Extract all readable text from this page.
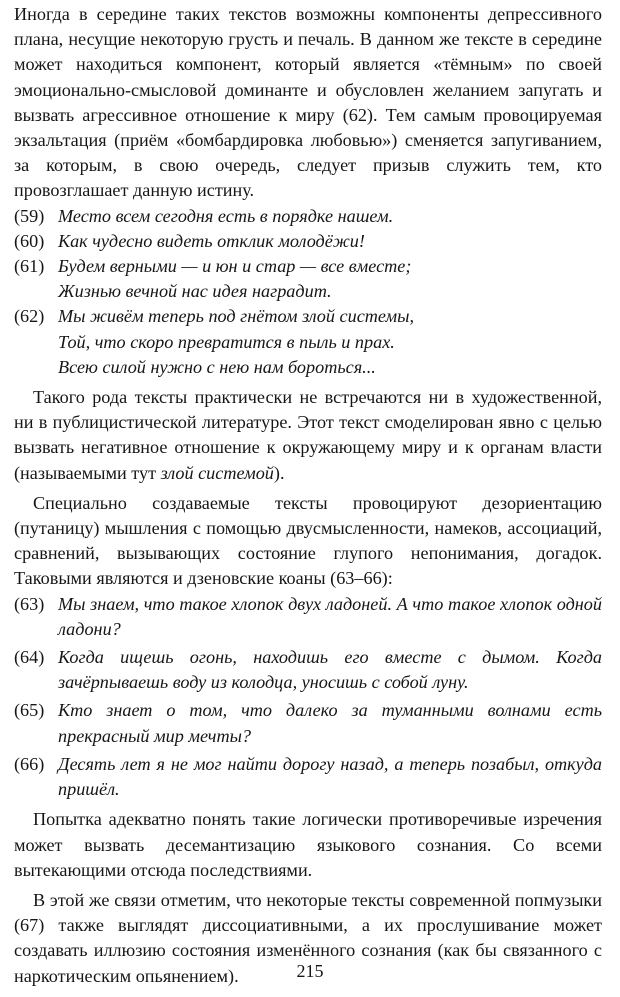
Иногда в середине таких текстов возможны компоненты депрессивного плана, несущие некоторую грусть и печаль. В данном же тексте в середине может находиться компонент, который является «тёмным» по своей эмоционально-смысловой доминанте и обусловлен желанием запугать и вызвать агрессивное отношение к миру (62). Тем самым провоцируемая экзальтация (приём «бомбардировка любовью») сменяется запугиванием, за которым, в свою очередь, следует призыв служить тем, кто провозглашает данную истину.

(59) Место всем сегодня есть в порядке нашем.
(60) Как чудесно видеть отклик молодёжи!
(61) Будем верными — и юн и стар — все вместе;
Жизнью вечной нас идея наградит.
(62) Мы живём теперь под гнётом злой системы,
Той, что скоро превратится в пыль и прах.
Всею силой нужно с нею нам бороться...

Такого рода тексты практически не встречаются ни в художественной, ни в публицистической литературе. Этот текст смоделирован явно с целью вызвать негативное отношение к окружающему миру и к органам власти (называемыми тут злой системой).

Специально создаваемые тексты провоцируют дезориентацию (путаницу) мышления с помощью двусмысленности, намеков, ассоциаций, сравнений, вызывающих состояние глупого непонимания, догадок. Таковыми являются и дзеновские коаны (63–66):

(63) Мы знаем, что такое хлопок двух ладоней. А что такое хлопок одной ладони?
(64) Когда ищешь огонь, находишь его вместе с дымом. Когда зачёрпываешь воду из колодца, уносишь с собой луну.
(65) Кто знает о том, что далеко за туманными волнами есть прекрасный мир мечты?
(66) Десять лет я не мог найти дорогу назад, а теперь позабыл, откуда пришёл.

Попытка адекватно понять такие логически противоречивые изречения может вызвать десемантизацию языкового сознания. Со всеми вытекающими отсюда последствиями.

В этой же связи отметим, что некоторые тексты современной попмузыки (67) также выглядят диссоциативными, а их прослушивание может создавать иллюзию состояния изменённого сознания (как бы связанного с наркотическим опьянением).	215
